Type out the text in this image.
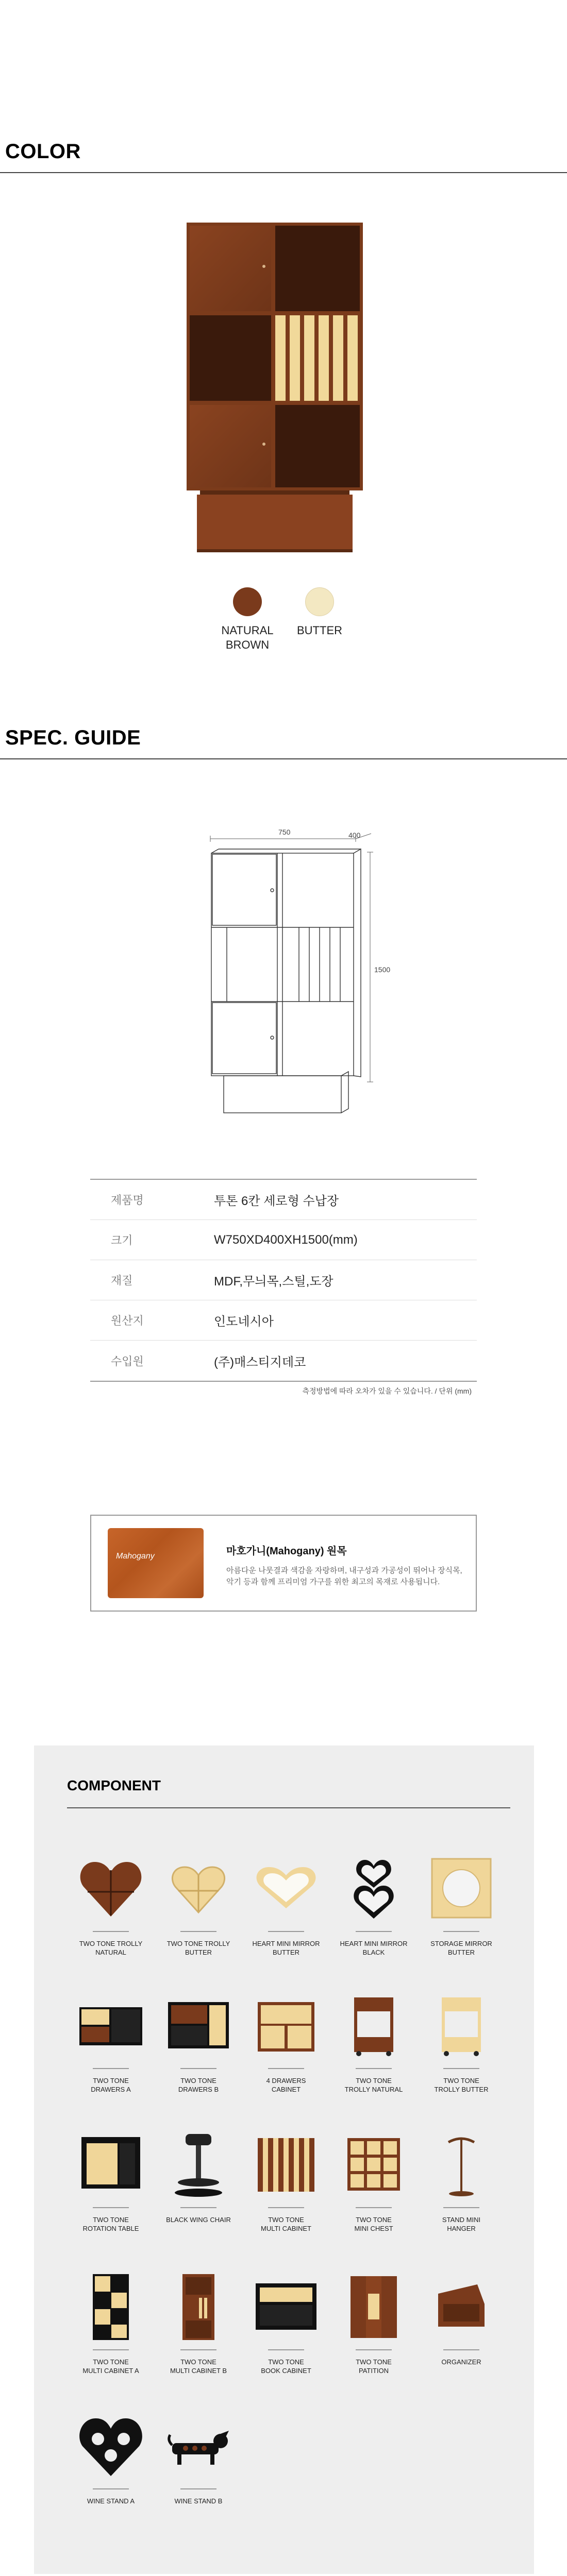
COLOR
NATURAL
BROWN
BUTTER
SPEC. GUIDE
750	400
1500
제품명	투톤 6칸 세로형 수납장
크기	W750XD400XH1500(mm)
재질	MDF,무늬목,스틸,도장
원산지	인도네시아
수입원	(주)매스티지데코
측정방법에 따라 오차가 있을 수 있습니다. / 단위 (mm)
Mahogany	마호가니(Mahogany) 원목
아름다운 나뭇결과 색감을 자랑하며, 내구성과 가공성이 뛰어나 장식목, 악기 등과 함께 프리미엄 가구를 위한 최고의 목재로 사용됩니다.
COMPONENT
TWO TONE TROLLY
NATURAL
TWO TONE TROLLY
BUTTER
HEART MINI MIRROR
BUTTER
HEART MINI MIRROR
BLACK
STORAGE MIRROR
BUTTER
TWO TONE
DRAWERS A
TWO TONE
DRAWERS B
4 DRAWERS
CABINET
TWO TONE
TROLLY NATURAL
TWO TONE
TROLLY BUTTER
TWO TONE
ROTATION TABLE
BLACK WING CHAIR	TWO TONE
MULTI CABINET
TWO TONE
MINI CHEST
STAND MINI
HANGER
TWO TONE
MULTI CABINET A
TWO TONE
MULTI CABINET B
TWO TONE
BOOK CABINET
TWO TONE
PATITION
ORGANIZER
WINE STAND A	WINE STAND B
